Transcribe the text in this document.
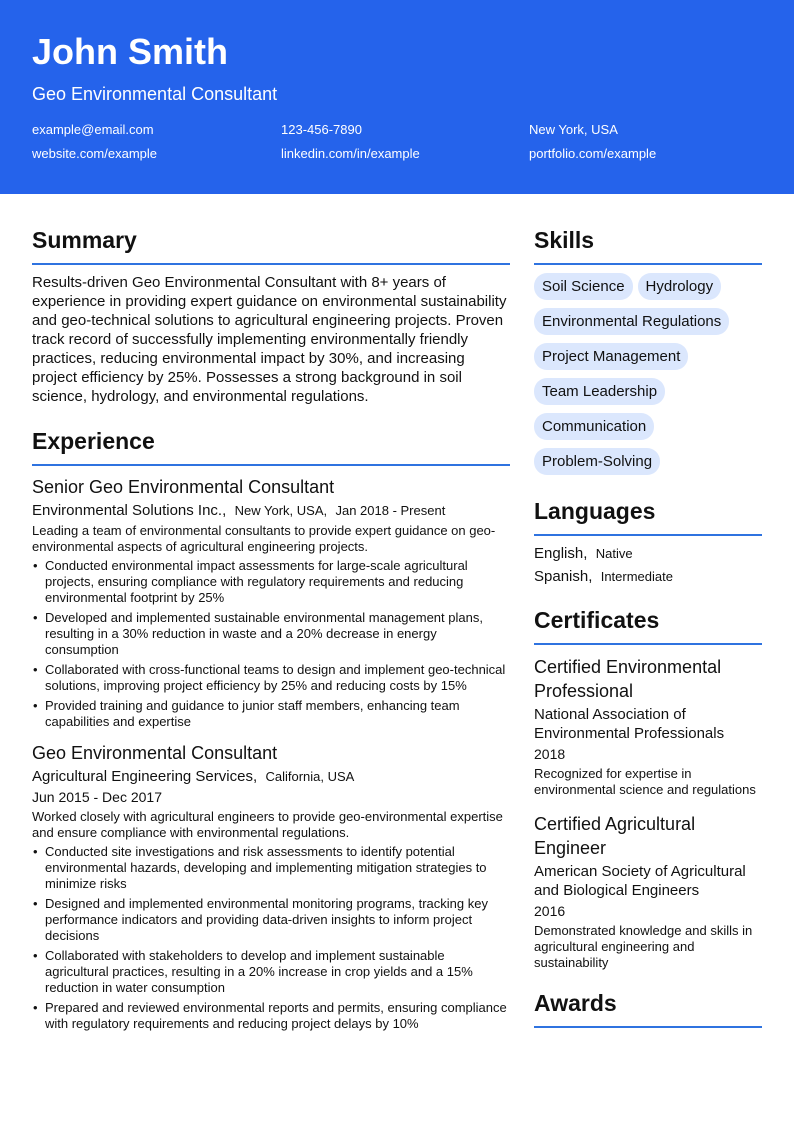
John Smith
Geo Environmental Consultant
example@email.com	123-456-7890	New York, USA
website.com/example	linkedin.com/in/example	portfolio.com/example
Summary
Results-driven Geo Environmental Consultant with 8+ years of experience in providing expert guidance on environmental sustainability and geo-technical solutions to agricultural engineering projects. Proven track record of successfully implementing environmentally friendly practices, reducing environmental impact by 30%, and increasing project efficiency by 25%. Possesses a strong background in soil science, hydrology, and environmental regulations.
Experience
Senior Geo Environmental Consultant
Environmental Solutions Inc., New York, USA, Jan 2018 - Present
Leading a team of environmental consultants to provide expert guidance on geo-environmental aspects of agricultural engineering projects.
• Conducted environmental impact assessments for large-scale agricultural projects, ensuring compliance with regulatory requirements and reducing environmental footprint by 25%
• Developed and implemented sustainable environmental management plans, resulting in a 30% reduction in waste and a 20% decrease in energy consumption
• Collaborated with cross-functional teams to design and implement geo-technical solutions, improving project efficiency by 25% and reducing costs by 15%
• Provided training and guidance to junior staff members, enhancing team capabilities and expertise
Geo Environmental Consultant
Agricultural Engineering Services, California, USA
Jun 2015 - Dec 2017
Worked closely with agricultural engineers to provide geo-environmental expertise and ensure compliance with environmental regulations.
• Conducted site investigations and risk assessments to identify potential environmental hazards, developing and implementing mitigation strategies to minimize risks
• Designed and implemented environmental monitoring programs, tracking key performance indicators and providing data-driven insights to inform project decisions
• Collaborated with stakeholders to develop and implement sustainable agricultural practices, resulting in a 20% increase in crop yields and a 15% reduction in water consumption
• Prepared and reviewed environmental reports and permits, ensuring compliance with regulatory requirements and reducing project delays by 10%
Skills
Soil Science Hydrology Environmental Regulations Project Management Team Leadership Communication Problem-Solving
Languages
English, Native
Spanish, Intermediate
Certificates
Certified Environmental Professional
National Association of Environmental Professionals
2018
Recognized for expertise in environmental science and regulations
Certified Agricultural Engineer
American Society of Agricultural and Biological Engineers
2016
Demonstrated knowledge and skills in agricultural engineering and sustainability
Awards
